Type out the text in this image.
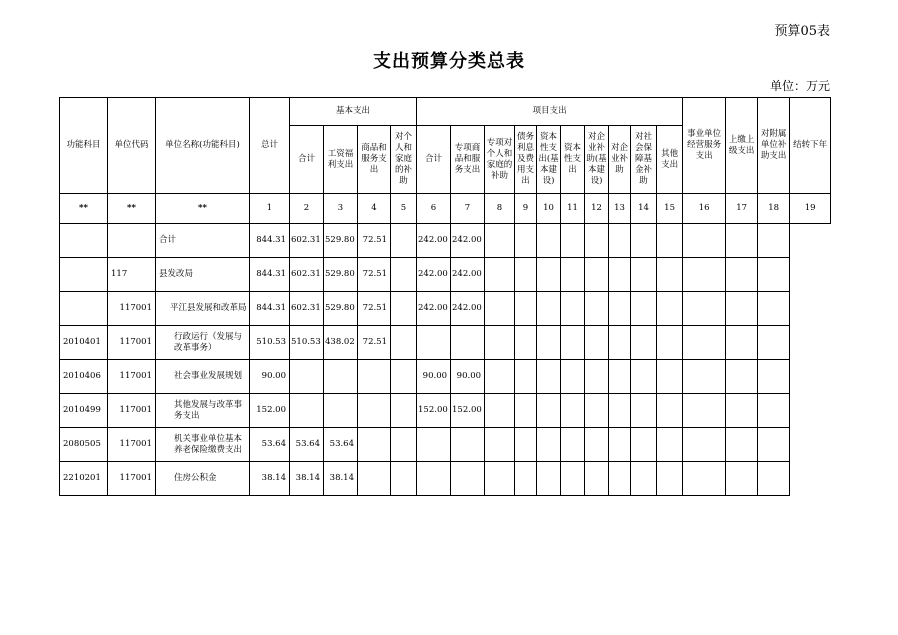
预算05表
支出预算分类总表
单位：万元
功能科目	单位代码	单位名称(功能科目)	总计	基本支出				项目支出										事业单位经营服务支出	上缴上级支出	对附属单位补助支出	结转下年
				合计	工资福利支出	商品和服务支出	对个人和家庭的补助	合计	专项商品和服务支出	专项对个人和家庭的补助	债务利息及费用支出	资本性支出(基本建设)	资本性支出	对企业补助(基本建设)	对企业补助	对社会保障基金补助	其他支出				
**	**	**	1	2	3	4	5	6	7	8	9	10	11	12	13	14	15	16	17	18	19
		合计	844.31	602.31	529.80	72.51		242.00	242.00												
	117	县发改局	844.31	602.31	529.80	72.51		242.00	242.00												
	117001	平江县发展和改革局	844.31	602.31	529.80	72.51		242.00	242.00												
2010401	117001	行政运行（发展与改革事务）	510.53	510.53	438.02	72.51															
2010406	117001	社会事业发展规划	90.00					90.00	90.00												
2010499	117001	其他发展与改革事务支出	152.00					152.00	152.00												
2080505	117001	机关事业单位基本养老保险缴费支出	53.64	53.64	53.64																
2210201	117001	住房公积金	38.14	38.14	38.14																
